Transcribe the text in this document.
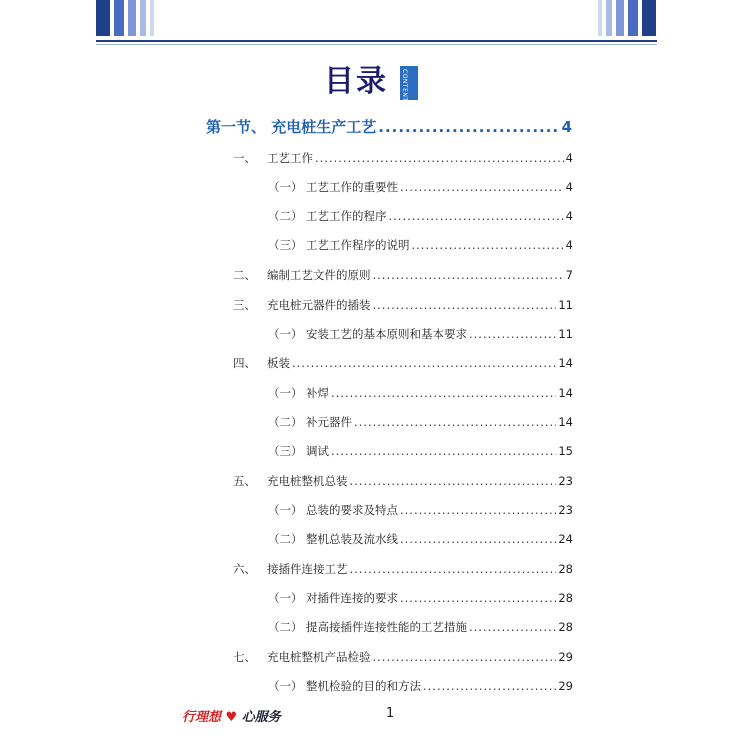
目录 CONTENTS
第一节、 充电桩生产工艺 .....	4
一、 工艺工作 .....	4
（一） 工艺工作的重要性 .....	4
（二） 工艺工作的程序 .....	4
（三） 工艺工作程序的说明 .....	4
二、 编制工艺文件的原则 .....	7
三、 充电桩元器件的插装 .....	11
（一） 安装工艺的基本原则和基本要求 .....	11
四、 板装 .....	14
（一） 补焊 .....	14
（二） 补元器件 .....	14
（三） 调试 .....	15
五、 充电桩整机总装 .....	23
（一） 总装的要求及特点 .....	23
（二） 整机总装及流水线 .....	24
六、 接插件连接工艺 .....	28
（一） 对插件连接的要求 .....	28
（二） 提高接插件连接性能的工艺措施 .....	28
七、 充电桩整机产品检验 .....	29
（一） 整机检验的目的和方法 .....	29
行理想 ♥ 心服务	1
